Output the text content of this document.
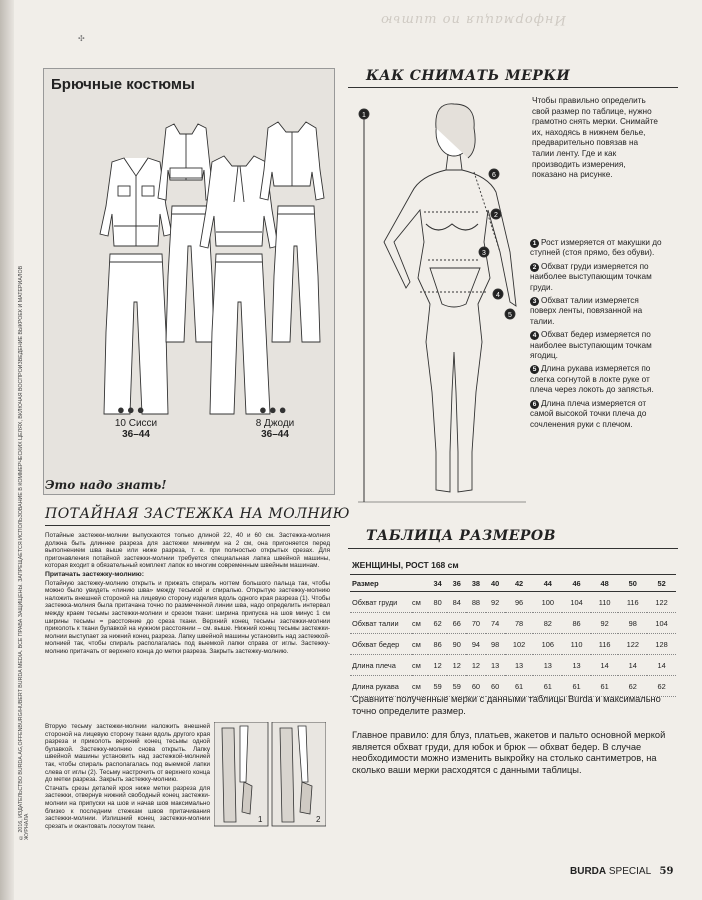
© 2016, ИЗДАТЕЛЬСТВО BURDA.AG,OFFENBURG/HUBERT BURDA MEDIA. ВСЕ ПРАВА ЗАЩИЩЕНЫ. ЗАПРЕЩАЕТСЯ ИСПОЛЬЗОВАНИЕ В КОММЕРЧЕСКИХ ЦЕЛЯХ, ВКЛЮЧАЯ ВОСПРОИЗВЕДЕНИЕ ВЫКРОЕК И МАТЕРИАЛОВ ЖУРНАЛА
Информация по шитью
✣
Брючные костюмы
●●●
10 Сисси
36–44
●●●
8 Джоди
36–44
Это надо знать!
ПОТАЙНАЯ ЗАСТЕЖКА НА МОЛНИЮ

Потайные застежки-молнии выпускаются только длиной 22, 40 и 60 см. Застежка-молния должна быть длиннее разреза для застежки минимум на 2 см, она пригоняется перед выполнением шва выше или ниже разреза, т. е. при полностью открытых срезах. Для пригонавления потайной застежки-молнии требуется специальная лапка швейной машины, которая входит в обязательный комплект лапок ко многим современным швейным машинам.

Притачать застежку-молнию:

Потайную застежку-молнию открыть и прижать спираль ногтем большого пальца так, чтобы можно было увидеть «линию шва» между тесьмой и спиралью. Открытую застежку-молнию наложить внешней стороной на лицевую сторону изделия вдоль одного края разреза (1). Чтобы застежка-молния была притачана точно по размеченной линии шва, надо определить интервал между краем тесьмы застежки-молнии и срезом ткани: ширина припуска на шов минус 1 см ширины тесьмы = расстояние до среза ткани. Верхний конец тесьмы застежки-молнии приколоть к ткани булавкой на нужном расстоянии – см. выше. Нижний конец тесьмы застежки-молнии выступает за нижний конец разреза. Лапку швейной машины установить над застежкой-молнией так, чтобы спираль располагалась под выемкой лапки справа от иглы. Застежку-молнию притачать от верхнего конца до метки разреза. Закрыть застежку-молнию.

Вторую тесьму застежки-молнии наложить внешней стороной на лицевую сторону ткани вдоль другого края разреза и приколоть верхний конец тесьмы одной булавкой. Застежку-молнию снова открыть. Лапку швейной машины установить над застежкой-молнией так, чтобы спираль располагалась под выемкой лапки слева от иглы (2). Тесьму настрочить от верхнего конца до метки разреза. Закрыть застежку-молнию.

Стачать срезы деталей кроя ниже метки разреза для застежки, отвернув нижний свободный конец застежки-молнии на припуски на шов и начав шов максимально близко к последним стежкам швов притачивания застежки-молнии. Излишний конец застежки-молнии срезать и окантовать лоскутом ткани.

1	2
КАК СНИМАТЬ МЕРКИ
1
2
3
4
5
6
Чтобы правильно определить свой размер по таблице, нужно грамотно снять мерки. Снимайте их, находясь в нижнем белье, предварительно повязав на талии ленту. Где и как производить измерения, показано на рисунке.
1 Рост измеряется от макушки до ступней (стоя прямо, без обуви).
2 Обхват груди измеряется по наиболее выступающим точкам груди.
3 Обхват талии измеряется поверх ленты, повязанной на талии.
4 Обхват бедер измеряется по наиболее выступающим точкам ягодиц.
5 Длина рукава измеряется по слегка согнутой в локте руке от плеча через локоть до запястья.
6 Длина плеча измеряется от самой высокой точки плеча до сочленения руки с плечом.
ТАБЛИЦА РАЗМЕРОВ
ЖЕНЩИНЫ, РОСТ 168 см
Размер		34	36	38	40	42	44	46	48	50	52
Обхват груди	см	80	84	88	92	96	100	104	110	116	122
Обхват талии	см	62	66	70	74	78	82	86	92	98	104
Обхват бедер	см	86	90	94	98	102	106	110	116	122	128
Длина плеча	см	12	12	12	13	13	13	13	14	14	14
Длина рукава	см	59	59	60	60	61	61	61	61	62	62
Сравните полученные мерки с данными таблицы Burda и максимально точно определите размер.
Главное правило: для блуз, платьев, жакетов и пальто основной меркой является обхват груди, для юбок и брюк — обхват бедер. В случае необходимости можно изменить выкройку на столько сантиметров, на сколько ваши мерки расходятся с данными таблицы.
BURDA SPECIAL 59
